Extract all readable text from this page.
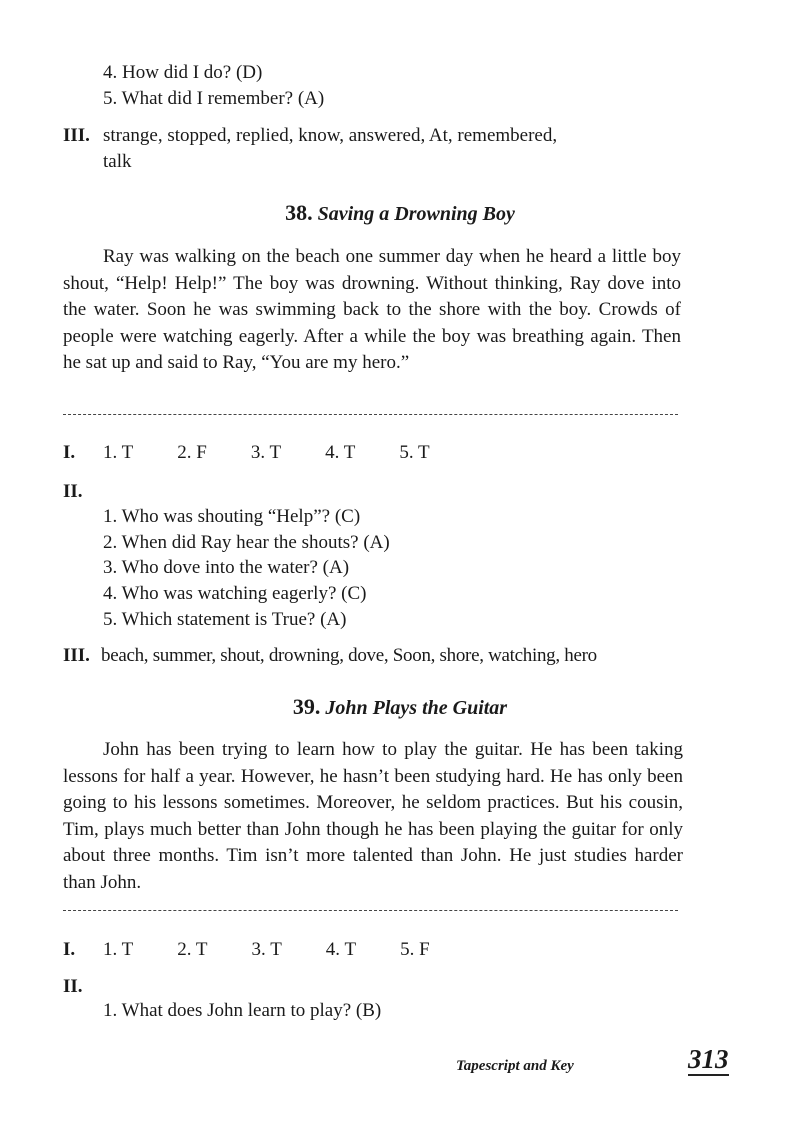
4. How did I do? (D)
5. What did I remember? (A)
III. strange, stopped, replied, know, answered, At, remembered,
talk
38. Saving a Drowning Boy
Ray was walking on the beach one summer day when he heard a little boy shout, “Help! Help!” The boy was drowning. Without thinking, Ray dove into the water. Soon he was swimming back to the shore with the boy. Crowds of people were watching eagerly. After a while the boy was breathing again. Then he sat up and said to Ray, “You are my hero.”
I. 1. T 2. F 3. T 4. T 5. T
II.
1. Who was shouting “Help”? (C)
2. When did Ray hear the shouts? (A)
3. Who dove into the water? (A)
4. Who was watching eagerly? (C)
5. Which statement is True? (A)
III. beach, summer, shout, drowning, dove, Soon, shore, watching, hero
39. John Plays the Guitar
John has been trying to learn how to play the guitar. He has been taking lessons for half a year. However, he hasn’t been studying hard. He has only been going to his lessons sometimes. Moreover, he seldom practices. But his cousin, Tim, plays much better than John though he has been playing the guitar for only about three months. Tim isn’t more talented than John. He just studies harder than John.
I. 1. T 2. T 3. T 4. T 5. F
II.
1. What does John learn to play? (B)
Tapescript and Key	313
